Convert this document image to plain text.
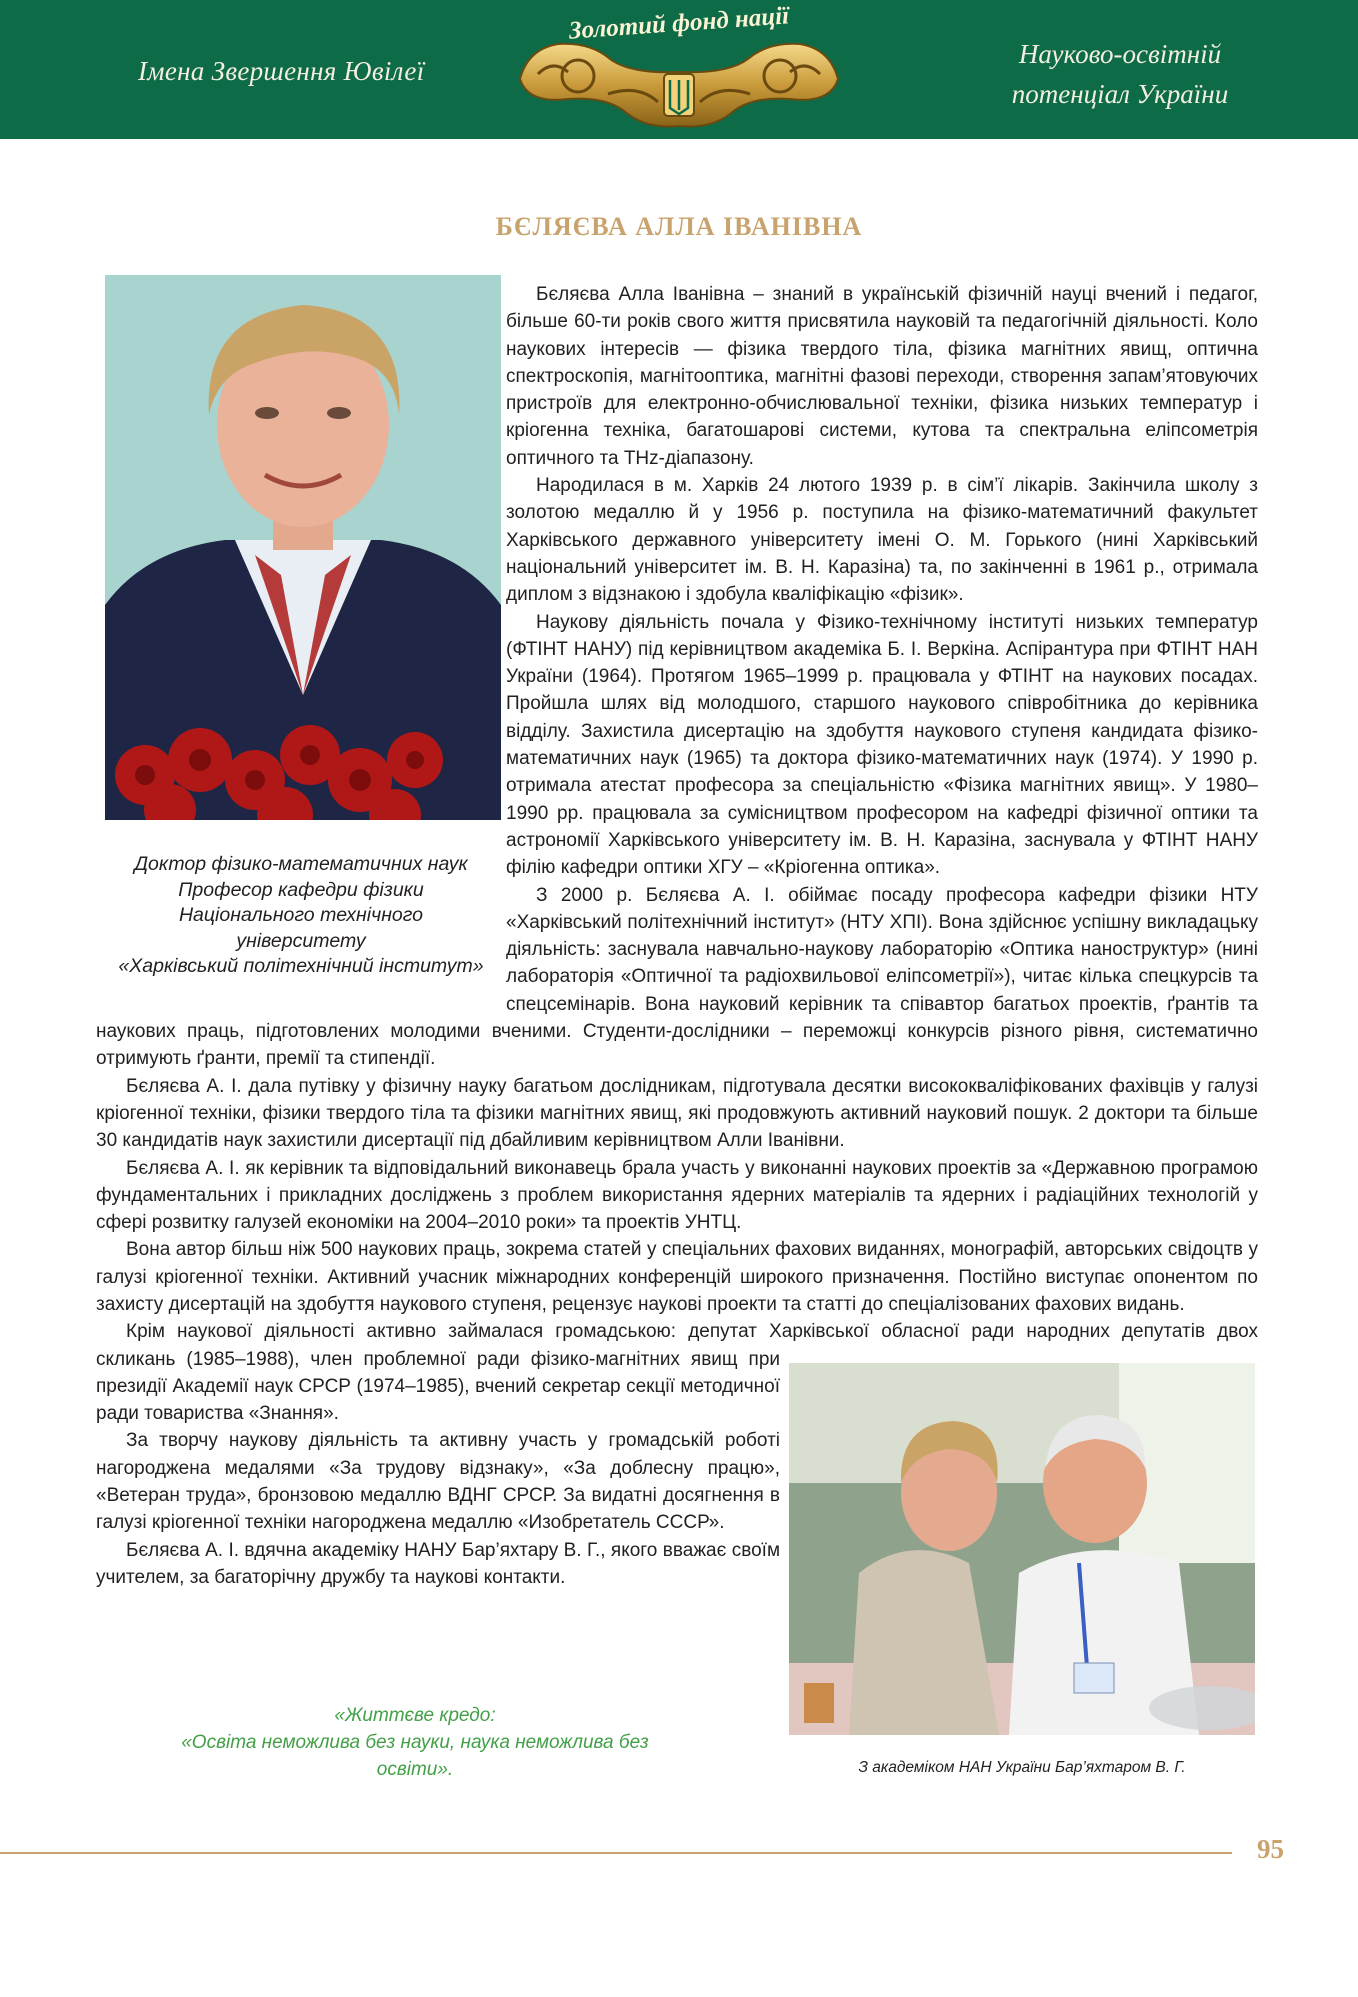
Імена Звершення Ювілеї
Золотий фонд нації
Науково-освітній
потенціал України
БЄЛЯЄВА АЛЛА ІВАНІВНА
Доктор фізико-математичних наук
Професор кафедри фізики
Національного технічного
університету
«Харківський політехнічний інститут»
З академіком НАН України Бар’яхтаром В. Г.

Бєляєва Алла Іванівна – знаний в українській фізичній науці вчений і педагог, більше 60-ти років свого життя присвятила науковій та педагогічній діяльності. Коло наукових інтересів — фізика твердого тіла, фізика магнітних явищ, оптична спектроскопія, магнітооптика, магнітні фазові переходи, створення запам’ятовуючих пристроїв для електронно-обчислювальної техніки, фізика низьких температур і кріогенна техніка, багатошарові системи, кутова та спектральна еліпсометрія оптичного та THz-діапазону.

Народилася в м. Харків 24 лютого 1939 р. в сім’ї лікарів. Закінчила школу з золотою медаллю й у 1956 р. поступила на фізико-математичний факультет Харківського державного університету імені О. М. Горького (нині Харківський національний університет ім. В. Н. Каразіна) та, по закінченні в 1961 р., отримала диплом з відзнакою і здобула кваліфікацію «фізик».

Наукову діяльність почала у Фізико-технічному інституті низьких температур (ФТІНТ НАНУ) під керівництвом академіка Б. І. Веркіна. Аспірантура при ФТІНТ НАН України (1964). Протягом 1965–1999 р. працювала у ФТІНТ на наукових посадах. Пройшла шлях від молодшого, старшого наукового співробітника до керівника відділу. Захистила дисертацію на здобуття наукового ступеня кандидата фізико-математичних наук (1965) та доктора фізико-математичних наук (1974). У 1990 р. отримала атестат професора за спеціальністю «Фізика магнітних явищ». У 1980–1990 рр. працювала за сумісництвом професором на кафедрі фізичної оптики та астрономії Харківського університету ім. В. Н. Каразіна, заснувала у ФТІНТ НАНУ філію кафедри оптики ХГУ – «Кріогенна оптика».

З 2000 р. Бєляєва А. І. обіймає посаду професора кафедри фізики НТУ «Харківський політехнічний інститут» (НТУ ХПІ). Вона здійснює успішну викладацьку діяльність: заснувала навчально-наукову лабораторію «Оптика наноструктур» (нині лабораторія «Оптичної та радіохвильової еліпсометрії»), читає кілька спецкурсів та спецсемінарів. Вона науковий керівник та співавтор багатьох проектів, ґрантів та наукових праць, підготовлених молодими вченими. Студенти-дослідники – переможці конкурсів різного рівня, систематично отримують ґранти, премії та стипендії.

Бєляєва А. І. дала путівку у фізичну науку багатьом дослідникам, підготувала десятки висококваліфікованих фахівців у галузі кріогенної техніки, фізики твердого тіла та фізики магнітних явищ, які продовжують активний науковий пошук. 2 доктори та більше 30 кандидатів наук захистили дисертації під дбайливим керівництвом Алли Іванівни.

Бєляєва А. І. як керівник та відповідальний виконавець брала участь у виконанні наукових проектів за «Державною програмою фундаментальних і прикладних досліджень з проблем використання ядерних матеріалів та ядерних і радіаційних технологій у сфері розвитку галузей економіки на 2004–2010 роки» та проектів УНТЦ.

Вона автор більш ніж 500 наукових праць, зокрема статей у спеціальних фахових виданнях, монографій, авторських свідоцтв у галузі кріогенної техніки. Активний учасник міжнародних конференцій широкого призначення. Постійно виступає опонентом по захисту дисертацій на здобуття наукового ступеня, рецензує наукові проекти та статті до спеціалізованих фахових видань.

Крім наукової діяльності активно займалася громадською: депутат Харківської обласної ради народних депутатів двох скликань (1985–1988), член проблемної ради фізико-магнітних явищ при президії Академії наук СРСР (1974–1985), вчений секретар секції методичної ради товариства «Знання».

За творчу наукову діяльність та активну участь у громадській роботі нагороджена медалями «За трудову відзнаку», «За доблесну працю», «Ветеран труда», бронзовою медаллю ВДНГ СРСР. За видатні досягнення в галузі кріогенної техніки нагороджена медаллю «Изобретатель СССР».

Бєляєва А. І. вдячна академіку НАНУ Бар’яхтару В. Г., якого вважає своїм учителем, за багаторічну дружбу та наукові контакти.

«Життєве кредо:
«Освіта неможлива без науки, наука неможлива без освіти».
95
